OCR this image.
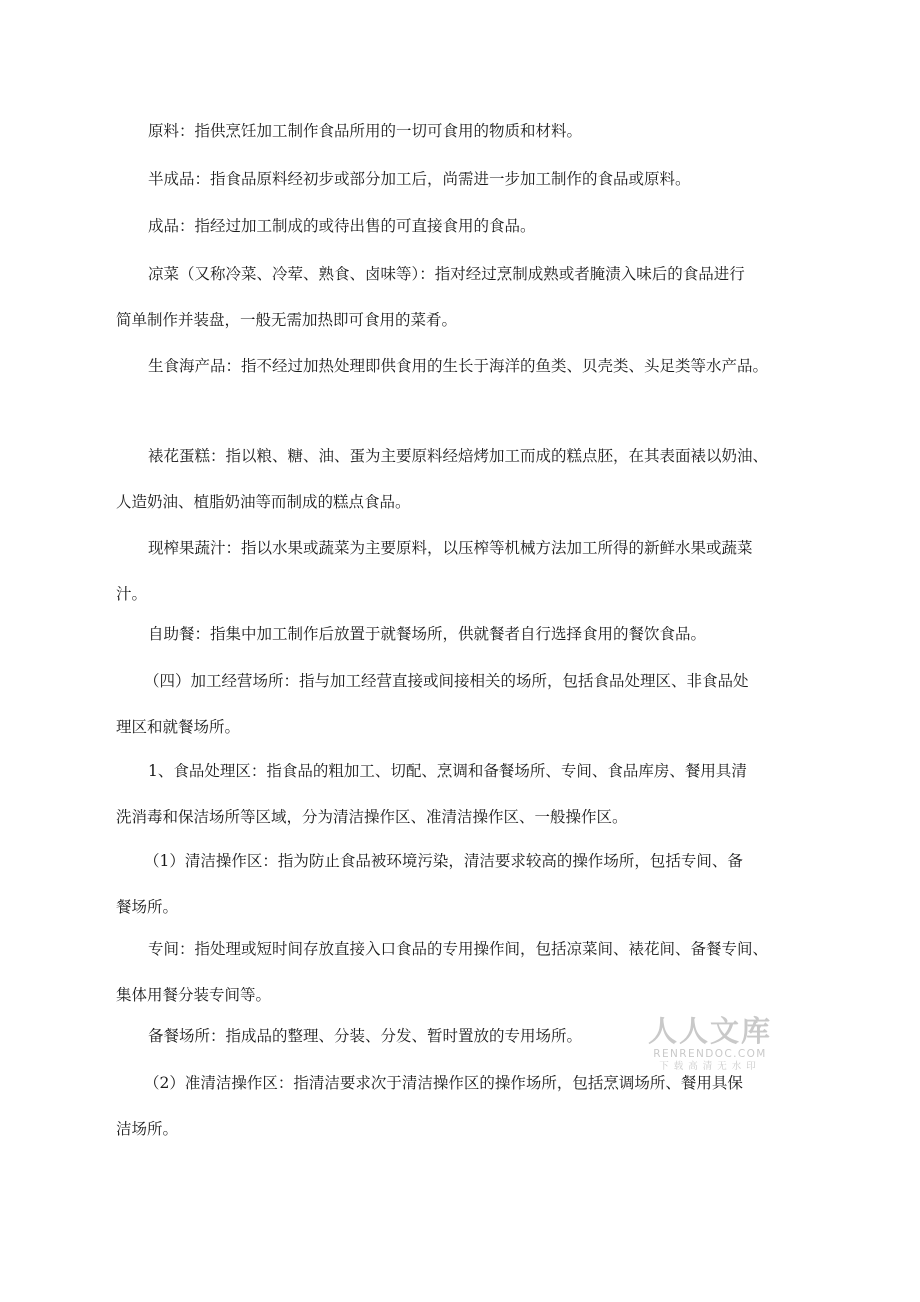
原料：指供烹饪加工制作食品所用的一切可食用的物质和材料。
半成品：指食品原料经初步或部分加工后，尚需进一步加工制作的食品或原料。
成品：指经过加工制成的或待出售的可直接食用的食品。
凉菜（又称冷菜、冷荤、熟食、卤味等）：指对经过烹制成熟或者腌渍入味后的食品进行
简单制作并装盘，一般无需加热即可食用的菜肴。
生食海产品：指不经过加热处理即供食用的生长于海洋的鱼类、贝壳类、头足类等水产品。
裱花蛋糕：指以粮、糖、油、蛋为主要原料经焙烤加工而成的糕点胚，在其表面裱以奶油、
人造奶油、植脂奶油等而制成的糕点食品。
现榨果蔬汁：指以水果或蔬菜为主要原料，以压榨等机械方法加工所得的新鲜水果或蔬菜
汁。
自助餐：指集中加工制作后放置于就餐场所，供就餐者自行选择食用的餐饮食品。
（四）加工经营场所：指与加工经营直接或间接相关的场所，包括食品处理区、非食品处
理区和就餐场所。
1、食品处理区：指食品的粗加工、切配、烹调和备餐场所、专间、食品库房、餐用具清
洗消毒和保洁场所等区域，分为清洁操作区、准清洁操作区、一般操作区。
（1）清洁操作区：指为防止食品被环境污染，清洁要求较高的操作场所，包括专间、备
餐场所。
专间：指处理或短时间存放直接入口食品的专用操作间，包括凉菜间、裱花间、备餐专间、
集体用餐分装专间等。
备餐场所：指成品的整理、分装、分发、暂时置放的专用场所。
（2）准清洁操作区：指清洁要求次于清洁操作区的操作场所，包括烹调场所、餐用具保
洁场所。
人人文库
RENRENDOC.COM
下载高清无水印
